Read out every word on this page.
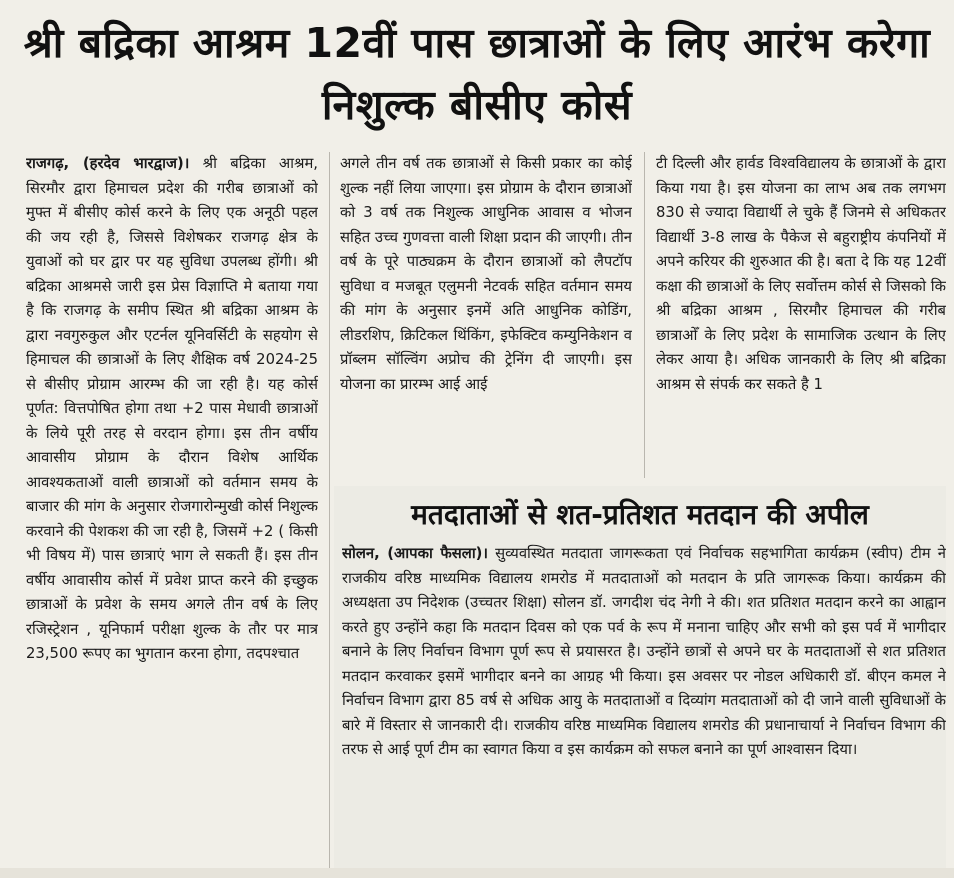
श्री बद्रिका आश्रम 12वीं पास छात्राओं के लिए आरंभ करेगा निशुल्क बीसीए कोर्स

राजगढ़, (हरदेव भारद्वाज)। श्री बद्रिका आश्रम, सिरमौर द्वारा हिमाचल प्रदेश की गरीब छात्राओं को मुफ्त में बीसीए कोर्स करने के लिए एक अनूठी पहल की जय रही है, जिससे विशेषकर राजगढ़ क्षेत्र के युवाओं को घर द्वार पर यह सुविधा उपलब्ध होंगी। श्री बद्रिका आश्रमसे जारी इस प्रेस विज्ञाप्ति मे बताया गया है कि राजगढ़ के समीप स्थित श्री बद्रिका आश्रम के द्वारा नवगुरुकुल और एटर्नल यूनिवर्सिटी के सहयोग से हिमाचल की छात्राओं के लिए शैक्षिक वर्ष 2024-25 से बीसीए प्रोग्राम आरम्भ की जा रही है। यह कोर्स पूर्णत: वित्तपोषित होगा तथा +2 पास मेधावी छात्राओं के लिये पूरी तरह से वरदान होगा। इस तीन वर्षीय आवासीय प्रोग्राम के दौरान विशेष आर्थिक आवश्यकताओं वाली छात्राओं को वर्तमान समय के बाजार की मांग के अनुसार रोजगारोन्मुखी कोर्स निशुल्क करवाने की पेशकश की जा रही है, जिसमें +2 ( किसी भी विषय में) पास छात्राएं भाग ले सकती हैं। इस तीन वर्षीय आवासीय कोर्स में प्रवेश प्राप्त करने की इच्छुक छात्राओं के प्रवेश के समय अगले तीन वर्ष के लिए रजिस्ट्रेशन , यूनिफार्म परीक्षा शुल्क के तौर पर मात्र 23,500 रूपए का भुगतान करना होगा, तदपश्चात

अगले तीन वर्ष तक छात्राओं से किसी प्रकार का कोई शुल्क नहीं लिया जाएगा। इस प्रोग्राम के दौरान छात्राओं को 3 वर्ष तक निशुल्क आधुनिक आवास व भोजन सहित उच्च गुणवत्ता वाली शिक्षा प्रदान की जाएगी। तीन वर्ष के पूरे पाठ्यक्रम के दौरान छात्राओं को लैपटॉप सुविधा व मजबूत एलुमनी नेटवर्क सहित वर्तमान समय की मांग के अनुसार इनमें अति आधुनिक कोडिंग, लीडरशिप, क्रिटिकल थिंकिंग, इफेक्टिव कम्युनिकेशन व प्रॉब्लम सॉल्विंग अप्रोच की ट्रेनिंग दी जाएगी। इस योजना का प्रारम्भ आई आई

टी दिल्ली और हार्वड विश्वविद्यालय के छात्राओं के द्वारा किया गया है। इस योजना का लाभ अब तक लगभग 830 से ज्यादा विद्यार्थी ले चुके हैं जिनमे से अधिकतर विद्यार्थी 3-8 लाख के पैकेज से बहुराष्ट्रीय कंपनियों में अपने करियर की शुरुआत की है। बता दे कि यह 12वीं कक्षा की छात्राओं के लिए सर्वोत्तम कोर्स से जिसको कि श्री बद्रिका आश्रम , सिरमौर हिमाचल की गरीब छात्राओँ के लिए प्रदेश के सामाजिक उत्थान के लिए लेकर आया है। अधिक जानकारी के लिए श्री बद्रिका आश्रम से संपर्क कर सकते है 1

मतदाताओं से शत-प्रतिशत मतदान की अपील

सोलन, (आपका फैसला)। सुव्यवस्थित मतदाता जागरूकता एवं निर्वाचक सहभागिता कार्यक्रम (स्वीप) टीम ने राजकीय वरिष्ठ माध्यमिक विद्यालय शमरोड में मतदाताओं को मतदान के प्रति जागरूक किया। कार्यक्रम की अध्यक्षता उप निदेशक (उच्चतर शिक्षा) सोलन डॉ. जगदीश चंद नेगी ने की। शत प्रतिशत मतदान करने का आह्वान करते हुए उन्होंने कहा कि मतदान दिवस को एक पर्व के रूप में मनाना चाहिए और सभी को इस पर्व में भागीदार बनाने के लिए निर्वाचन विभाग पूर्ण रूप से प्रयासरत है। उन्होंने छात्रों से अपने घर के मतदाताओं से शत प्रतिशत मतदान करवाकर इसमें भागीदार बनने का आग्रह भी किया। इस अवसर पर नोडल अधिकारी डॉ. बीएन कमल ने निर्वाचन विभाग द्वारा 85 वर्ष से अधिक आयु के मतदाताओं व दिव्यांग मतदाताओं को दी जाने वाली सुविधाओं के बारे में विस्तार से जानकारी दी। राजकीय वरिष्ठ माध्यमिक विद्यालय शमरोड की प्रधानाचार्या ने निर्वाचन विभाग की तरफ से आई पूर्ण टीम का स्वागत किया व इस कार्यक्रम को सफल बनाने का पूर्ण आश्वासन दिया।
